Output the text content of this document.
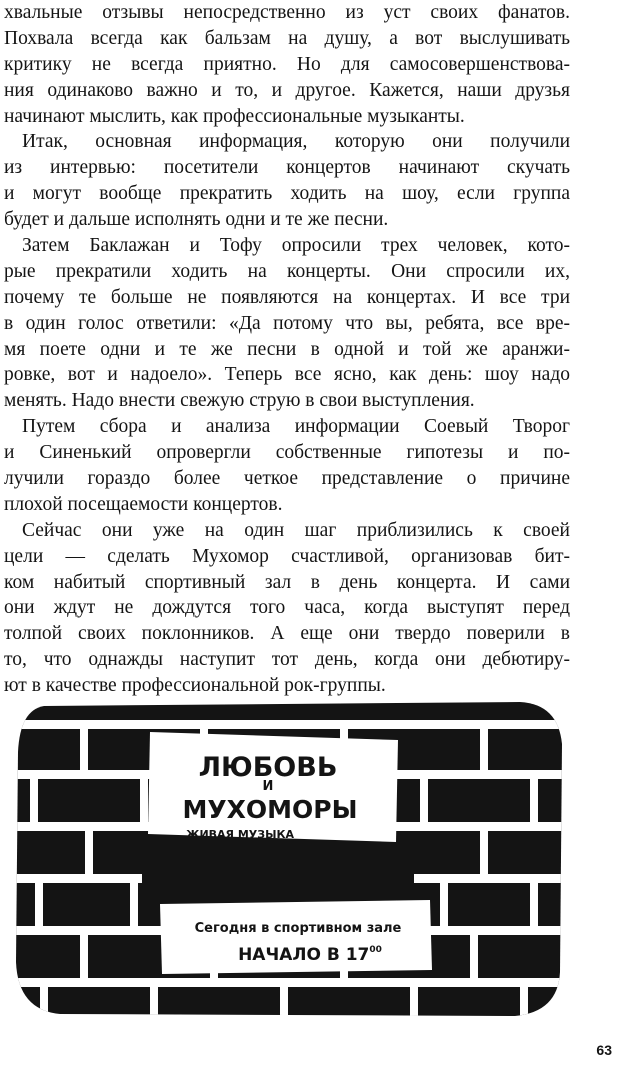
хвальные отзывы непосредственно из уст своих фанатов.
Похвала всегда как бальзам на душу, а вот выслушивать
критику не всегда приятно. Но для самосовершенствова-
ния одинаково важно и то, и другое. Кажется, наши друзья
начинают мыслить, как профессиональные музыканты.

Итак, основная информация, которую они получили
из интервью: посетители концертов начинают скучать
и могут вообще прекратить ходить на шоу, если группа
будет и дальше исполнять одни и те же песни.

Затем Баклажан и Тофу опросили трех человек, кото-
рые прекратили ходить на концерты. Они спросили их,
почему те больше не появляются на концертах. И все три
в один голос ответили: «Да потому что вы, ребята, все вре-
мя поете одни и те же песни в одной и той же аранжи-
ровке, вот и надоело». Теперь все ясно, как день: шоу надо
менять. Надо внести свежую струю в свои выступления.

Путем сбора и анализа информации Соевый Творог
и Синенький опровергли собственные гипотезы и по-
лучили гораздо более четкое представление о причине
плохой посещаемости концертов.

Сейчас они уже на один шаг приблизились к своей
цели — сделать Мухомор счастливой, организовав бит-
ком набитый спортивный зал в день концерта. И сами
они ждут не дождутся того часа, когда выступят перед
толпой своих поклонников. А еще они твердо поверили в
то, что однажды наступит тот день, когда они дебютиру-
ют в качестве профессиональной рок-группы.

ЛЮБОВЬ
И
МУХОМОРЫ
ЖИВАЯ МУЗЫКА
Сегодня в спортивном зале
НАЧАЛО В $17^{00}$
63
